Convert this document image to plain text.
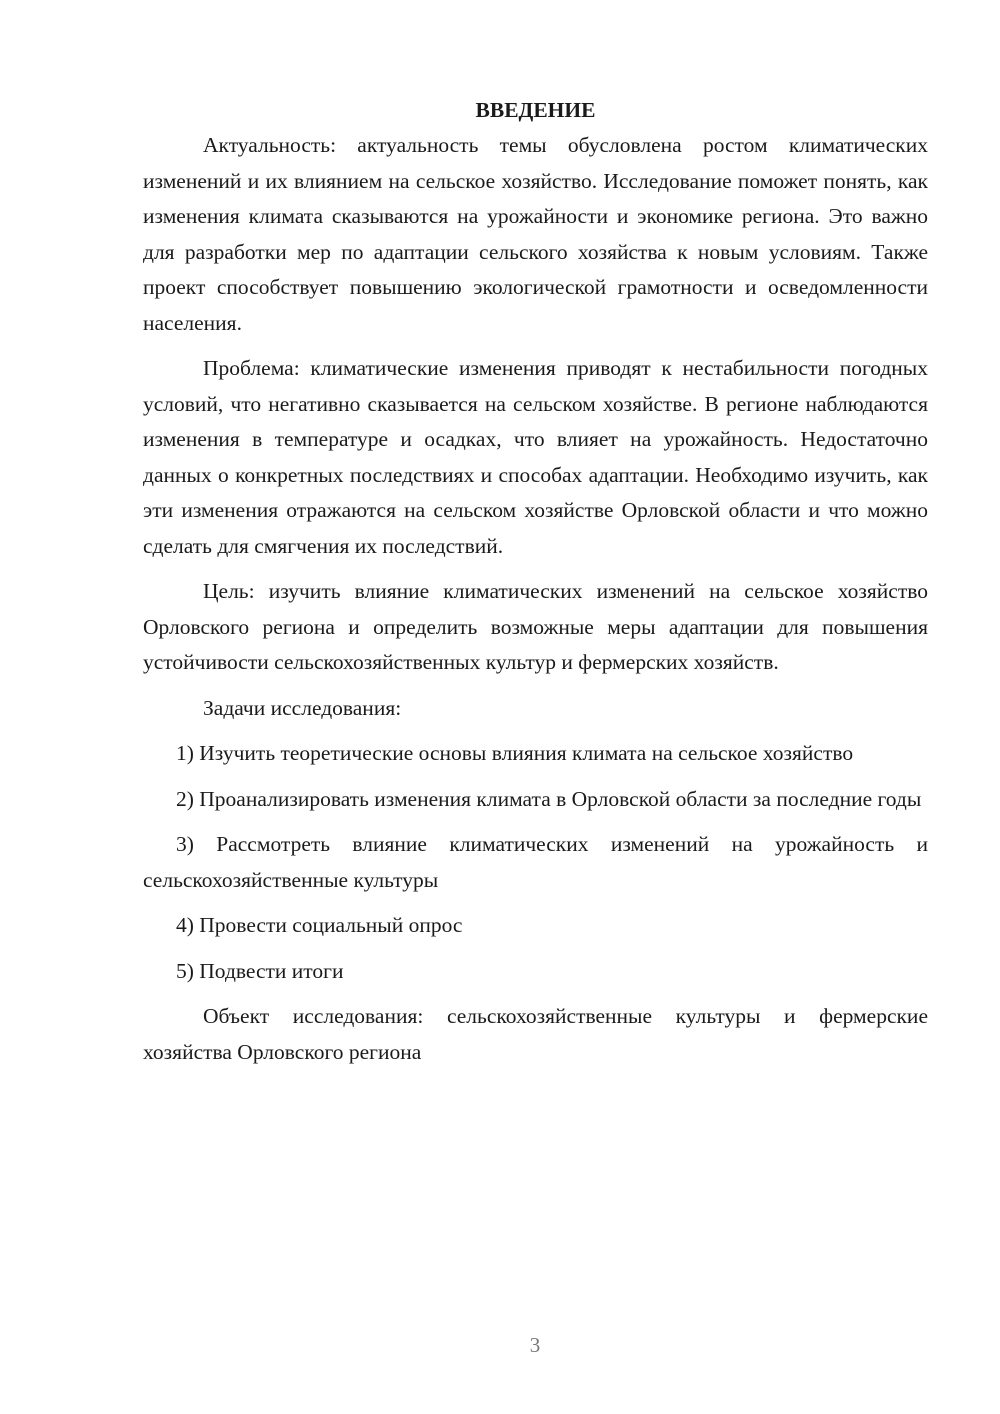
ВВЕДЕНИЕ

Актуальность: актуальность темы обусловлена ростом климатических изменений и их влиянием на сельское хозяйство. Исследование поможет понять, как изменения климата сказываются на урожайности и экономике региона. Это важно для разработки мер по адаптации сельского хозяйства к новым условиям. Также проект способствует повышению экологической грамотности и осведомленности населения.

Проблема: климатические изменения приводят к нестабильности погодных условий, что негативно сказывается на сельском хозяйстве. В регионе наблюдаются изменения в температуре и осадках, что влияет на урожайность. Недостаточно данных о конкретных последствиях и способах адаптации. Необходимо изучить, как эти изменения отражаются на сельском хозяйстве Орловской области и что можно сделать для смягчения их последствий.

Цель: изучить влияние климатических изменений на сельское хозяйство Орловского региона и определить возможные меры адаптации для повышения устойчивости сельскохозяйственных культур и фермерских хозяйств.

Задачи исследования:

1) Изучить теоретические основы влияния климата на сельское хозяйство

2) Проанализировать изменения климата в Орловской области за последние годы

3) Рассмотреть влияние климатических изменений на урожайность и сельскохозяйственные культуры

4) Провести социальный опрос

5) Подвести итоги

Объект исследования: сельскохозяйственные культуры и фермерские хозяйства Орловского региона

3
